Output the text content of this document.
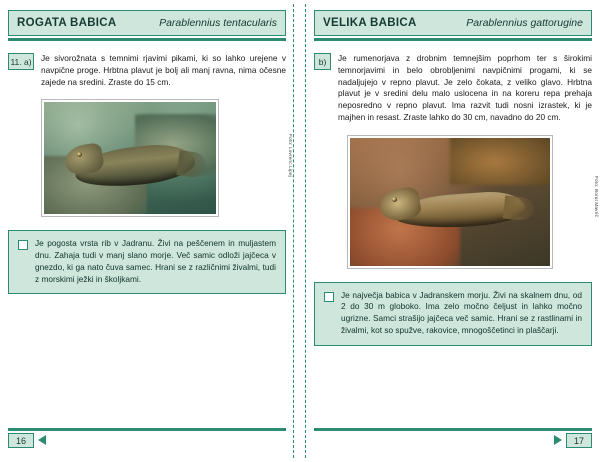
ROGATA BABICA	Parablennius tentacularis
11. a) Je sivorožnata s temnimi rjavimi pikami, ki so lahko urejene v navpične proge. Hrbtna plavut je bolj ali manj ravna, nima očesne zajede na sredini. Zraste do 15 cm.
Foto: Lovrenc Lipej
Je pogosta vrsta rib v Jadranu. Živi na peščenem in muljastem dnu. Zahaja tudi v manj slano morje. Več samic odloži jajčeca v gnezdo, ki ga nato čuva samec. Hrani se z različnimi živalmi, tudi z morskimi ježki in školjkami.
16
VELIKA BABICA	Parablennius gattorugine
b)	Je rumenorjava z drobnim temnejšim poprhom ter s širokimi temnorjavimi in belo obrobljenimi navpičnimi progami, ki se nadaljujejo v repno plavut. Je zelo čokata, z veliko glavo. Hrbtna plavut je v sredini delu malo uslocena in na koreru repa prehaja neposredno v repno plavut. Ima razvit tudi nosni izrastek, ki je majhen in resast. Zraste lahko do 30 cm, navadno do 20 cm.
Foto: Borut Mavrič
Je največja babica v Jadranskem morju. Živi na skalnem dnu, od 2 do 30 m globoko. Ima zelo močno čeljust in lahko močno ugrizne. Samci strašijo jajčeca več samic. Hrani se z rastlinami in živalmi, kot so spužve, rakovice, mnogoščetinci in plaščarji.
17
